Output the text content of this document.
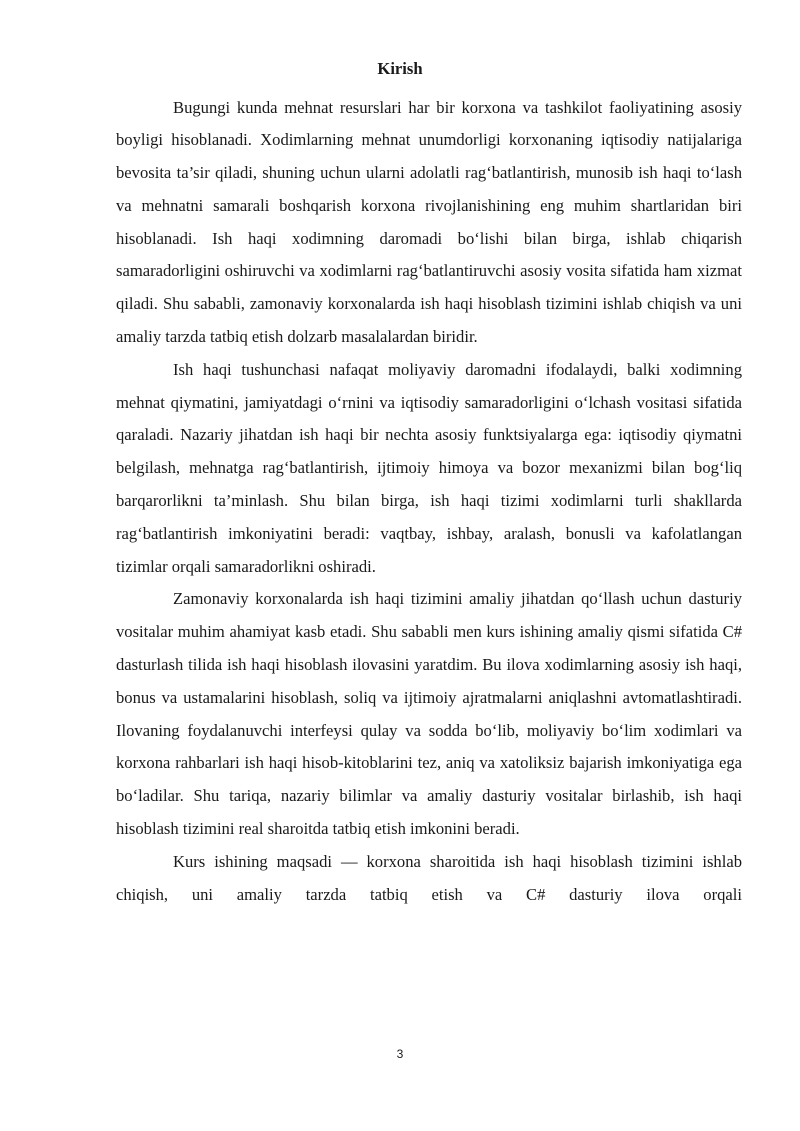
Kirish

Bugungi kunda mehnat resurslari har bir korxona va tashkilot faoliyatining asosiy boyligi hisoblanadi. Xodimlarning mehnat unumdorligi korxonaning iqtisodiy natijalariga bevosita ta’sir qiladi, shuning uchun ularni adolatli rag‘batlantirish, munosib ish haqi to‘lash va mehnatni samarali boshqarish korxona rivojlanishining eng muhim shartlaridan biri hisoblanadi. Ish haqi xodimning daromadi bo‘lishi bilan birga, ishlab chiqarish samaradorligini oshiruvchi va xodimlarni rag‘batlantiruvchi asosiy vosita sifatida ham xizmat qiladi. Shu sababli, zamonaviy korxonalarda ish haqi hisoblash tizimini ishlab chiqish va uni amaliy tarzda tatbiq etish dolzarb masalalardan biridir.

Ish haqi tushunchasi nafaqat moliyaviy daromadni ifodalaydi, balki xodimning mehnat qiymatini, jamiyatdagi o‘rnini va iqtisodiy samaradorligini o‘lchash vositasi sifatida qaraladi. Nazariy jihatdan ish haqi bir nechta asosiy funktsiyalarga ega: iqtisodiy qiymatni belgilash, mehnatga rag‘batlantirish, ijtimoiy himoya va bozor mexanizmi bilan bog‘liq barqarorlikni ta’minlash. Shu bilan birga, ish haqi tizimi xodimlarni turli shakllarda rag‘batlantirish imkoniyatini beradi: vaqtbay, ishbay, aralash, bonusli va kafolatlangan tizimlar orqali samaradorlikni oshiradi.

Zamonaviy korxonalarda ish haqi tizimini amaliy jihatdan qo‘llash uchun dasturiy vositalar muhim ahamiyat kasb etadi. Shu sababli men kurs ishining amaliy qismi sifatida C# dasturlash tilida ish haqi hisoblash ilovasini yaratdim. Bu ilova xodimlarning asosiy ish haqi, bonus va ustamalarini hisoblash, soliq va ijtimoiy ajratmalarni aniqlashni avtomatlashtiradi. Ilovaning foydalanuvchi interfeysi qulay va sodda bo‘lib, moliyaviy bo‘lim xodimlari va korxona rahbarlari ish haqi hisob-kitoblarini tez, aniq va xatoliksiz bajarish imkoniyatiga ega bo‘ladilar. Shu tariqa, nazariy bilimlar va amaliy dasturiy vositalar birlashib, ish haqi hisoblash tizimini real sharoitda tatbiq etish imkonini beradi.

Kurs ishining maqsadi — korxona sharoitida ish haqi hisoblash tizimini ishlab chiqish, uni amaliy tarzda tatbiq etish va C# dasturiy ilova orqali

3
